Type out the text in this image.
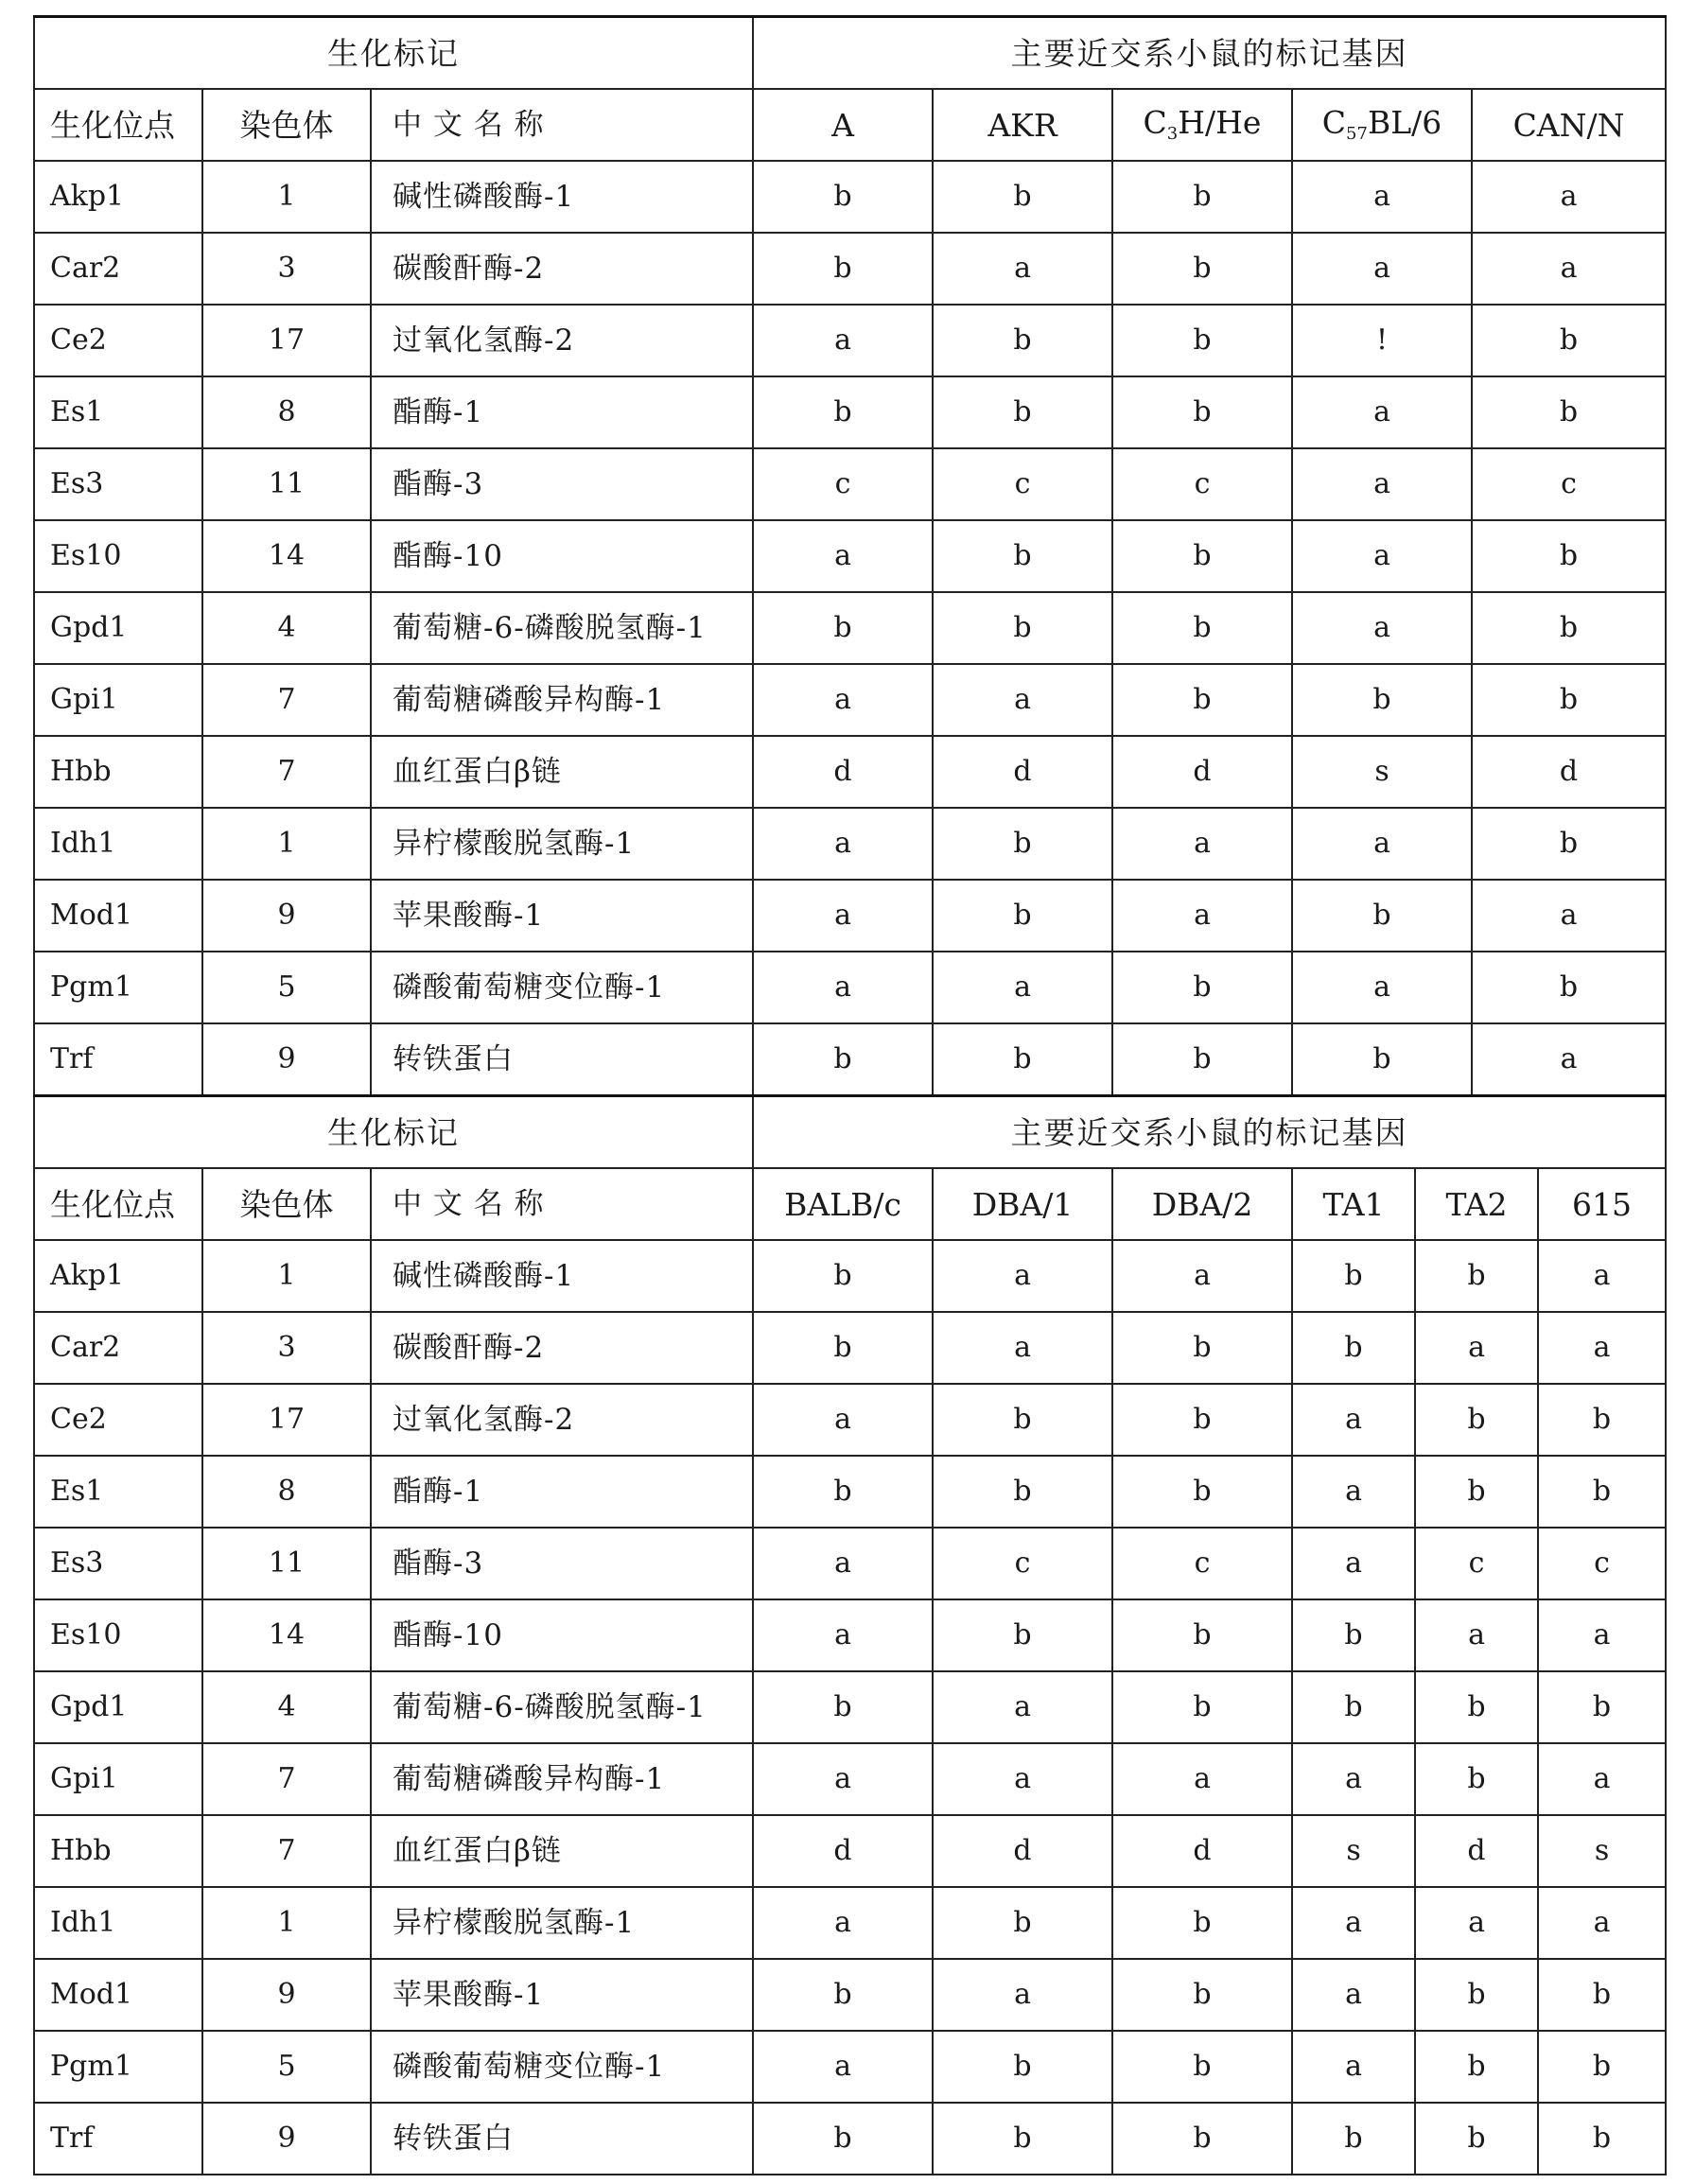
生化标记			主要近交系小鼠的标记基因				
生化位点	染色体	中 文 名 称	A	AKR	$C_3H/He$	$C_{57}BL/6$	CAN/N
Akp1	1	碱性磷酸酶-1	b	b	b	a	a
Car2	3	碳酸酐酶-2	b	a	b	a	a
Ce2	17	过氧化氢酶-2	a	b	b	!	b
Es1	8	酯酶-1	b	b	b	a	b
Es3	11	酯酶-3	c	c	c	a	c
Es10	14	酯酶-10	a	b	b	a	b
Gpd1	4	葡萄糖-6-磷酸脱氢酶-1	b	b	b	a	b
Gpi1	7	葡萄糖磷酸异构酶-1	a	a	b	b	b
Hbb	7	血红蛋白β链	d	d	d	s	d
Idh1	1	异柠檬酸脱氢酶-1	a	b	a	a	b
Mod1	9	苹果酸酶-1	a	b	a	b	a
Pgm1	5	磷酸葡萄糖变位酶-1	a	a	b	a	b
Trf	9	转铁蛋白	b	b	b	b	a
生化标记			主要近交系小鼠的标记基因					
生化位点	染色体	中 文 名 称	BALB/c	DBA/1	DBA/2	TA1	TA2	615
Akp1	1	碱性磷酸酶-1	b	a	a	b	b	a
Car2	3	碳酸酐酶-2	b	a	b	b	a	a
Ce2	17	过氧化氢酶-2	a	b	b	a	b	b
Es1	8	酯酶-1	b	b	b	a	b	b
Es3	11	酯酶-3	a	c	c	a	c	c
Es10	14	酯酶-10	a	b	b	b	a	a
Gpd1	4	葡萄糖-6-磷酸脱氢酶-1	b	a	b	b	b	b
Gpi1	7	葡萄糖磷酸异构酶-1	a	a	a	a	b	a
Hbb	7	血红蛋白β链	d	d	d	s	d	s
Idh1	1	异柠檬酸脱氢酶-1	a	b	b	a	a	a
Mod1	9	苹果酸酶-1	b	a	b	a	b	b
Pgm1	5	磷酸葡萄糖变位酶-1	a	b	b	a	b	b
Trf	9	转铁蛋白	b	b	b	b	b	b
